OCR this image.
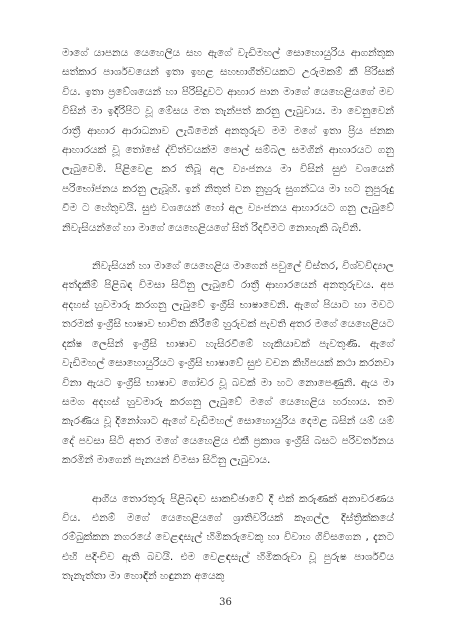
මාගේ යාපනය යෙහෙලිය සහ ඇගේ වැඩිමහල් සොහොයුරිය ආගන්තුක සත්කාර පාර්ශවයෙන් ඉතා ඉහළ සහභාගීත්වයකට උරුමකම් කී පිරිසක් විය. ඉතා ප්‍රවේශයෙන් හා පිරිසිදුවට ආහාර පාන මාගේ යෙහෙළියගේ මව විසින් මා ඉදිරිපිට වූ මේසය මත තැන්පත් කරනු ලැබුවාය. මා වෙනුවෙන් රාත්‍රී ආහාර ආරාධනාව ලැබීමෙන් අනතුරුව මම මගේ ඉතා ප්‍රිය ජනක ආහාරයක් වූ තෝසේ ද්විත්වයක්ම පොල් සම්බල සමගින් ආහාරයට ගනු ලැබුවෙමි. පිළිවෙළ කර තිබූ අල ව්‍යංජනය මා විසින් සුළු වශයෙන් පරිභෝජනය කරනු ලැබූහි. ඉන් නිතුත් වන නුහුරු සුගන්ධය මා හට නුපුරුදු වීම ට හේතුවයි. සුළු වශයෙන් හෝ අල ව්‍යංජනය ආහාරයට ගනු ලැබුවේ නිවැසියන්ගේ හා මාගේ යෙහෙළියගේ සිත් රිදවීමට නොහැකි බැවිනි.

නිවැසියන් හා මාගේ යෙහෙළිය මාගෙන් පවුලේ විස්තර, විශ්වවිද්‍යාල අත්දැකීම් පිළිබඳ විමසා සිටිනු ලැබුවේ රාත්‍රී ආහාරයෙන් අනතුරුවය. අප අදහස් හුවමාරු කරගනු ලැබුවේ ඉංග්‍රීසි භාෂාවෙනි. ඇගේ පියාට හා මවට තරමක් ඉංග්‍රීසි භාෂාව භාවිත කිරීමේ හුරුවක් පැවති අතර මගේ යෙහෙළියට දක්ෂ ලෙසින් ඉංග්‍රීසි භාෂාව හැසිරවීමේ හැකියාවක් පැවතුණි. ඇගේ වැඩිමහල් සොහොයුරියට ඉංග්‍රීසි භාෂාවේ සුළු වචන කිහිපයක් කථා කරනවා විනා ඇයට ඉංග්‍රීසි භාෂාව ගෝචර වූ බවක් මා හට නොපෙණුනි. ඇය මා සමග අදහස් හුවමාරු කරගනු ලැබුවේ මගේ යෙහෙළිය හරහාය. තම කැරණිය වූ දිනෝශාට ඇගේ වැඩිමහල් සොහොයුරිය දෙමළ බසින් යම් යම් දේ පවසා සිටි අතර මගේ යෙහෙළිය එකී ප්‍රකාශ ඉංග්‍රීසි බසට පරිවර්තනය කරමින් මාගෙන් පැනයන් විමසා සිටිනු ලැබුවාය.

ආගිය තොරතුරු පිළිබඳව සාකච්ඡාවේ දී එක් කරුණක් අනාවරණය විය. එනම් මගේ යෙහෙළියගේ ශ්‍රාතිවරියක් කෑගල්ල දිස්ත්‍රික්කයේ රම්බුක්කන නගරයේ වෙළඳසැල් හිමිකරුවෙකු හා විවාහ ගිවිසගෙන , දැනට එහි පදිංචිව ඇති බවයි. එම වෙළඳසැල් හිමිකරුවා වූ පුරුෂ පාර්ශවීය තැනැත්තා මා හොඳින් හඳුනන අයෙකු

36
